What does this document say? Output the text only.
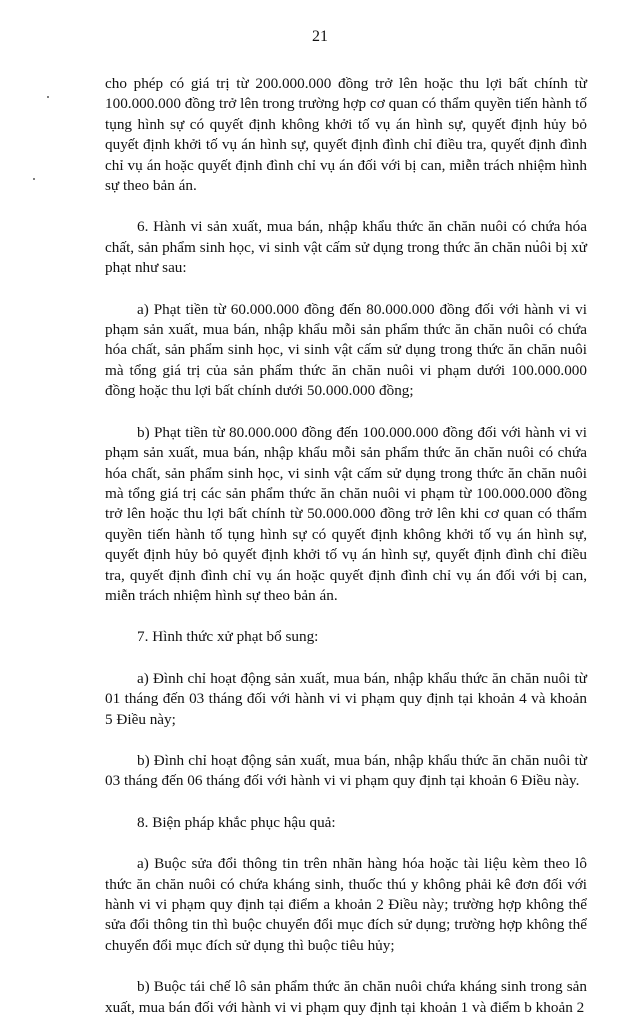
21

cho phép có giá trị từ 200.000.000 đồng trở lên hoặc thu lợi bất chính từ 100.000.000 đồng trở lên trong trường hợp cơ quan có thẩm quyền tiến hành tố tụng hình sự có quyết định không khởi tố vụ án hình sự, quyết định hủy bỏ quyết định khởi tố vụ án hình sự, quyết định đình chỉ điều tra, quyết định đình chỉ vụ án hoặc quyết định đình chỉ vụ án đối với bị can, miễn trách nhiệm hình sự theo bản án.

6. Hành vi sản xuất, mua bán, nhập khẩu thức ăn chăn nuôi có chứa hóa chất, sản phẩm sinh học, vi sinh vật cấm sử dụng trong thức ăn chăn nuôi bị xử phạt như sau:

a) Phạt tiền từ 60.000.000 đồng đến 80.000.000 đồng đối với hành vi vi phạm sản xuất, mua bán, nhập khẩu mỗi sản phẩm thức ăn chăn nuôi có chứa hóa chất, sản phẩm sinh học, vi sinh vật cấm sử dụng trong thức ăn chăn nuôi mà tổng giá trị của sản phẩm thức ăn chăn nuôi vi phạm dưới 100.000.000 đồng hoặc thu lợi bất chính dưới 50.000.000 đồng;

b) Phạt tiền từ 80.000.000 đồng đến 100.000.000 đồng đối với hành vi vi phạm sản xuất, mua bán, nhập khẩu mỗi sản phẩm thức ăn chăn nuôi có chứa hóa chất, sản phẩm sinh học, vi sinh vật cấm sử dụng trong thức ăn chăn nuôi mà tổng giá trị các sản phẩm thức ăn chăn nuôi vi phạm từ 100.000.000 đồng trở lên hoặc thu lợi bất chính từ 50.000.000 đồng trở lên khi cơ quan có thẩm quyền tiến hành tố tụng hình sự có quyết định không khởi tố vụ án hình sự, quyết định hủy bỏ quyết định khởi tố vụ án hình sự, quyết định đình chỉ điều tra, quyết định đình chỉ vụ án hoặc quyết định đình chỉ vụ án đối với bị can, miễn trách nhiệm hình sự theo bản án.

7. Hình thức xử phạt bổ sung:

a) Đình chỉ hoạt động sản xuất, mua bán, nhập khẩu thức ăn chăn nuôi từ 01 tháng đến 03 tháng đối với hành vi vi phạm quy định tại khoản 4 và khoản 5 Điều này;

b) Đình chỉ hoạt động sản xuất, mua bán, nhập khẩu thức ăn chăn nuôi từ 03 tháng đến 06 tháng đối với hành vi vi phạm quy định tại khoản 6 Điều này.

8. Biện pháp khắc phục hậu quả:

a) Buộc sửa đổi thông tin trên nhãn hàng hóa hoặc tài liệu kèm theo lô thức ăn chăn nuôi có chứa kháng sinh, thuốc thú y không phải kê đơn đối với hành vi vi phạm quy định tại điểm a khoản 2 Điều này; trường hợp không thể sửa đổi thông tin thì buộc chuyển đổi mục đích sử dụng; trường hợp không thể chuyển đổi mục đích sử dụng thì buộc tiêu hủy;

b) Buộc tái chế lô sản phẩm thức ăn chăn nuôi chứa kháng sinh trong sản xuất, mua bán đối với hành vi vi phạm quy định tại khoản 1 và điểm b khoản 2
